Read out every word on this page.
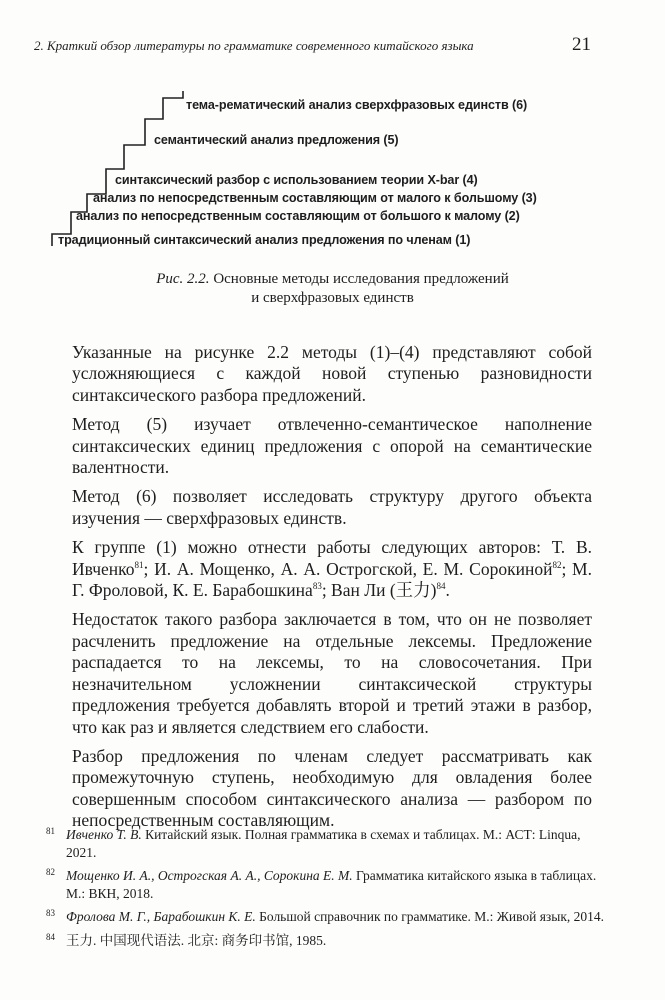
2. Краткий обзор литературы по грамматике современного китайского языка	21
тема-рематический анализ сверхфразовых единств (6)
семантический анализ предложения (5)
синтаксический разбор с использованием теории X-bar (4)
анализ по непосредственным составляющим от малого к большому (3)
анализ по непосредственным составляющим от большого к малому (2)
традиционный синтаксический анализ предложения по членам (1)
Рис. 2.2. Основные методы исследования предложений
и сверхфразовых единств

Указанные на рисунке 2.2 методы (1)–(4) представляют собой усложняющиеся с каждой новой ступенью разновидности синтаксического разбора предложений.

Метод (5) изучает отвлеченно-семантическое наполнение синтаксических единиц предложения с опорой на семантические валентности.

Метод (6) позволяет исследовать структуру другого объекта изучения — сверхфразовых единств.

К группе (1) можно отнести работы следующих авторов: Т. В. Ивченко$^{81}$; И. А. Мощенко, А. А. Острогской, Е. М. Сорокиной$^{82}$; М. Г. Фроловой, К. Е. Барабошкина$^{83}$; Ван Ли (王力)$^{84}$.

Недостаток такого разбора заключается в том, что он не позволяет расчленить предложение на отдельные лексемы. Предложение распадается то на лексемы, то на словосочетания. При незначительном усложнении синтаксической структуры предложения требуется добавлять второй и третий этажи в разбор, что как раз и является следствием его слабости.

Разбор предложения по членам следует рассматривать как промежуточную ступень, необходимую для овладения более совершенным способом синтаксического анализа — разбором по непосредственным составляющим.

81 Ивченко Т. В. Китайский язык. Полная грамматика в схемах и таблицах. М.: АСТ: Linqua, 2021.
82 Мощенко И. А., Острогская А. А., Сорокина Е. М. Грамматика китайского языка в таблицах. М.: ВКН, 2018.
83 Фролова М. Г., Барабошкин К. Е. Большой справочник по грамматике. М.: Живой язык, 2014.
84 王力. 中国现代语法. 北京: 商务印书馆, 1985.
